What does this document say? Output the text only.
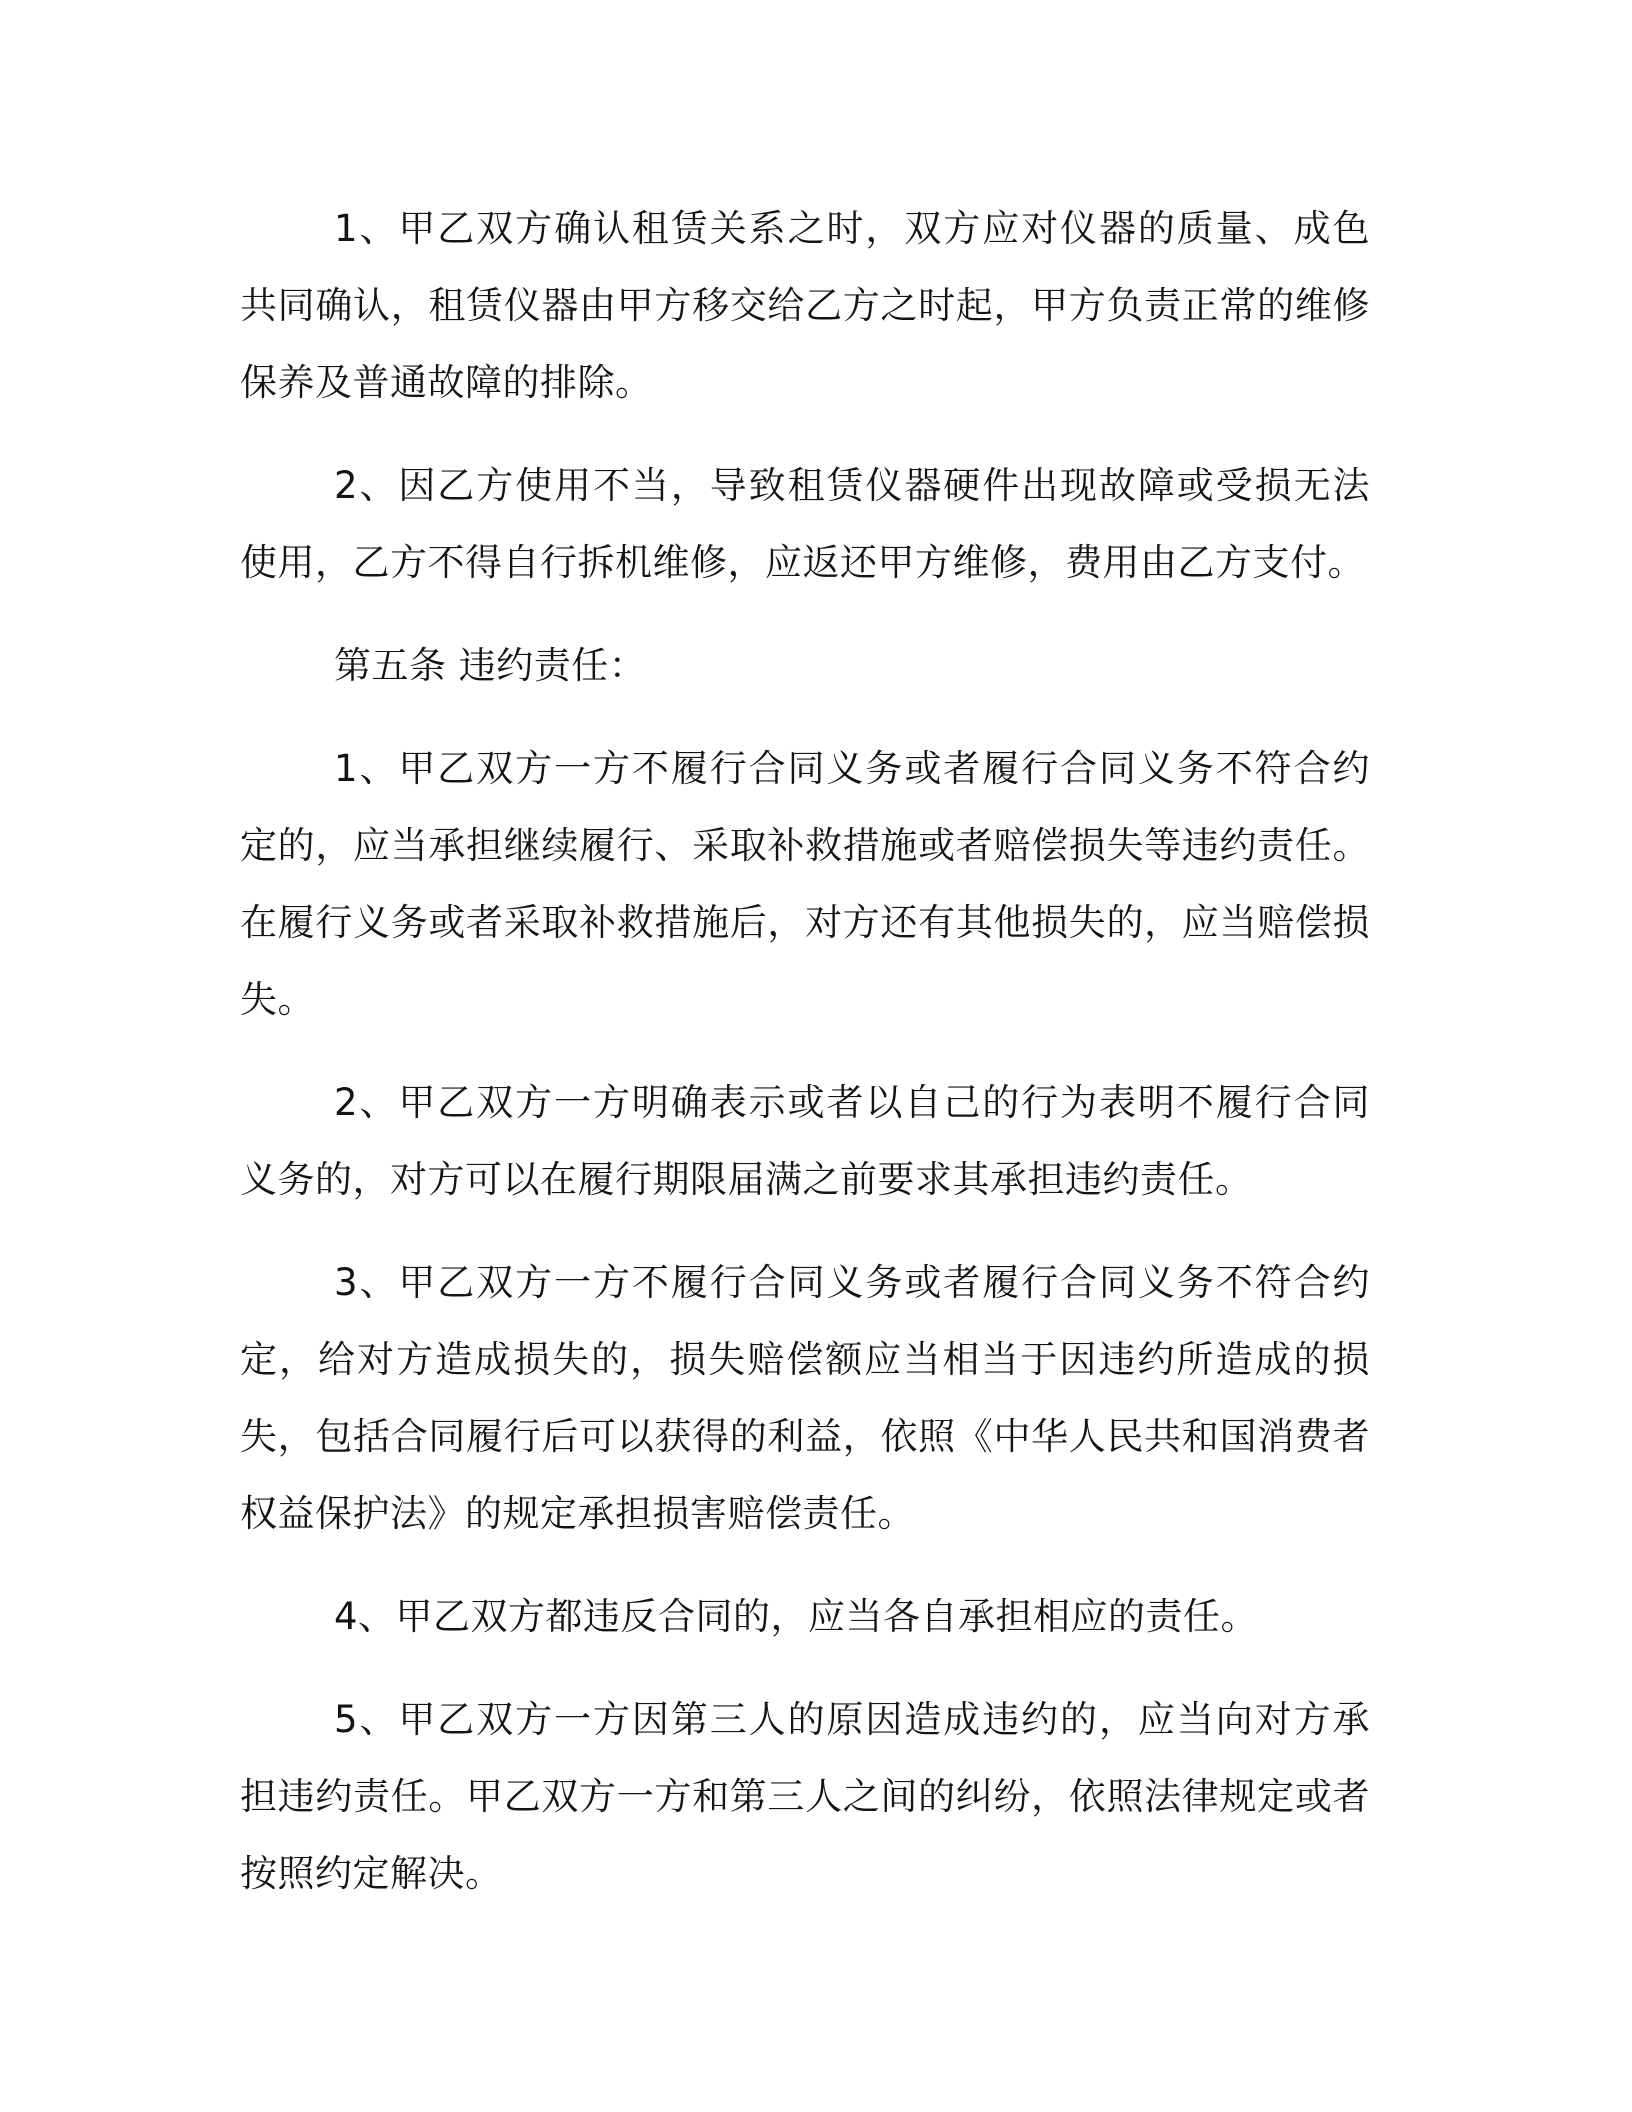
1、甲乙双方确认租赁关系之时，双方应对仪器的质量、成色共同确认，租赁仪器由甲方移交给乙方之时起，甲方负责正常的维修保养及普通故障的排除。

2、因乙方使用不当，导致租赁仪器硬件出现故障或受损无法使用，乙方不得自行拆机维修，应返还甲方维修，费用由乙方支付。

第五条 违约责任：

1、甲乙双方一方不履行合同义务或者履行合同义务不符合约定的，应当承担继续履行、采取补救措施或者赔偿损失等违约责任。在履行义务或者采取补救措施后，对方还有其他损失的，应当赔偿损失。

2、甲乙双方一方明确表示或者以自己的行为表明不履行合同义务的，对方可以在履行期限届满之前要求其承担违约责任。

3、甲乙双方一方不履行合同义务或者履行合同义务不符合约定，给对方造成损失的，损失赔偿额应当相当于因违约所造成的损失，包括合同履行后可以获得的利益，依照《中华人民共和国消费者权益保护法》的规定承担损害赔偿责任。

4、甲乙双方都违反合同的，应当各自承担相应的责任。

5、甲乙双方一方因第三人的原因造成违约的，应当向对方承担违约责任。甲乙双方一方和第三人之间的纠纷，依照法律规定或者按照约定解决。
